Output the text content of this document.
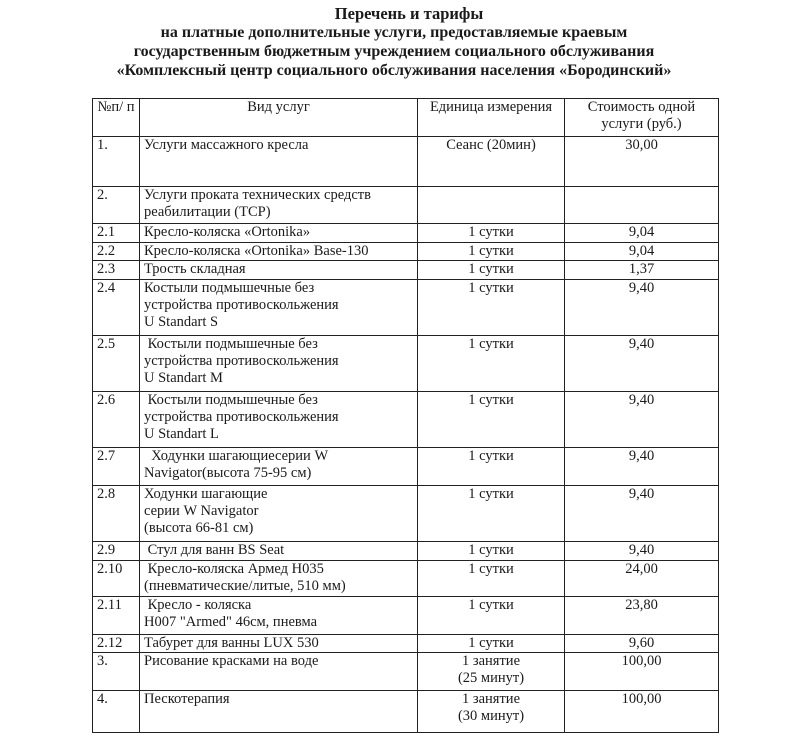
Перечень и тарифы
на платные дополнительные услуги, предоставляемые краевым
государственным бюджетным учреждением социального обслуживания
«Комплексный центр социального обслуживания населения «Бородинский»
№п/ п	Вид услуг	Единица измерения	Стоимость одной услуги (руб.)
1.	Услуги массажного кресла	Сеанс (20мин)	30,00
2.	Услуги проката технических средств
реабилитации (ТСР)		

2.1	Кресло-коляска «Ortonika»	1 сутки	9,04
2.2	Кресло-коляска «Ortonika» Base-130	1 сутки	9,04
2.3	Трость складная	1 сутки	1,37
2.4	Костыли подмышечные без
устройства противоскольжения
U Standart S	1 сутки	9,40
2.5	Костыли подмышечные без
устройства противоскольжения
U Standart M	1 сутки	9,40
2.6	Костыли подмышечные без
устройства противоскольжения
U Standart L	1 сутки	9,40
2.7	Ходунки шагающиесерии W
Navigator(высота 75-95 см)	1 сутки	9,40
2.8	Ходунки шагающие
серии W Navigator
(высота 66-81 см)	1 сутки	9,40
2.9	Стул для ванн BS Seat	1 сутки	9,40
2.10	Кресло-коляска Армед Н035
(пневматические/литые, 510 мм)	1 сутки	24,00
2.11	Кресло - коляска
Н007 "Armed" 46см, пневма	1 сутки	23,80
2.12	Табурет для ванны LUX 530	1 сутки	9,60
3.	Рисование красками на воде	1 занятие
(25 минут)	100,00
4.	Пескотерапия	1 занятие
(30 минут)	100,00
